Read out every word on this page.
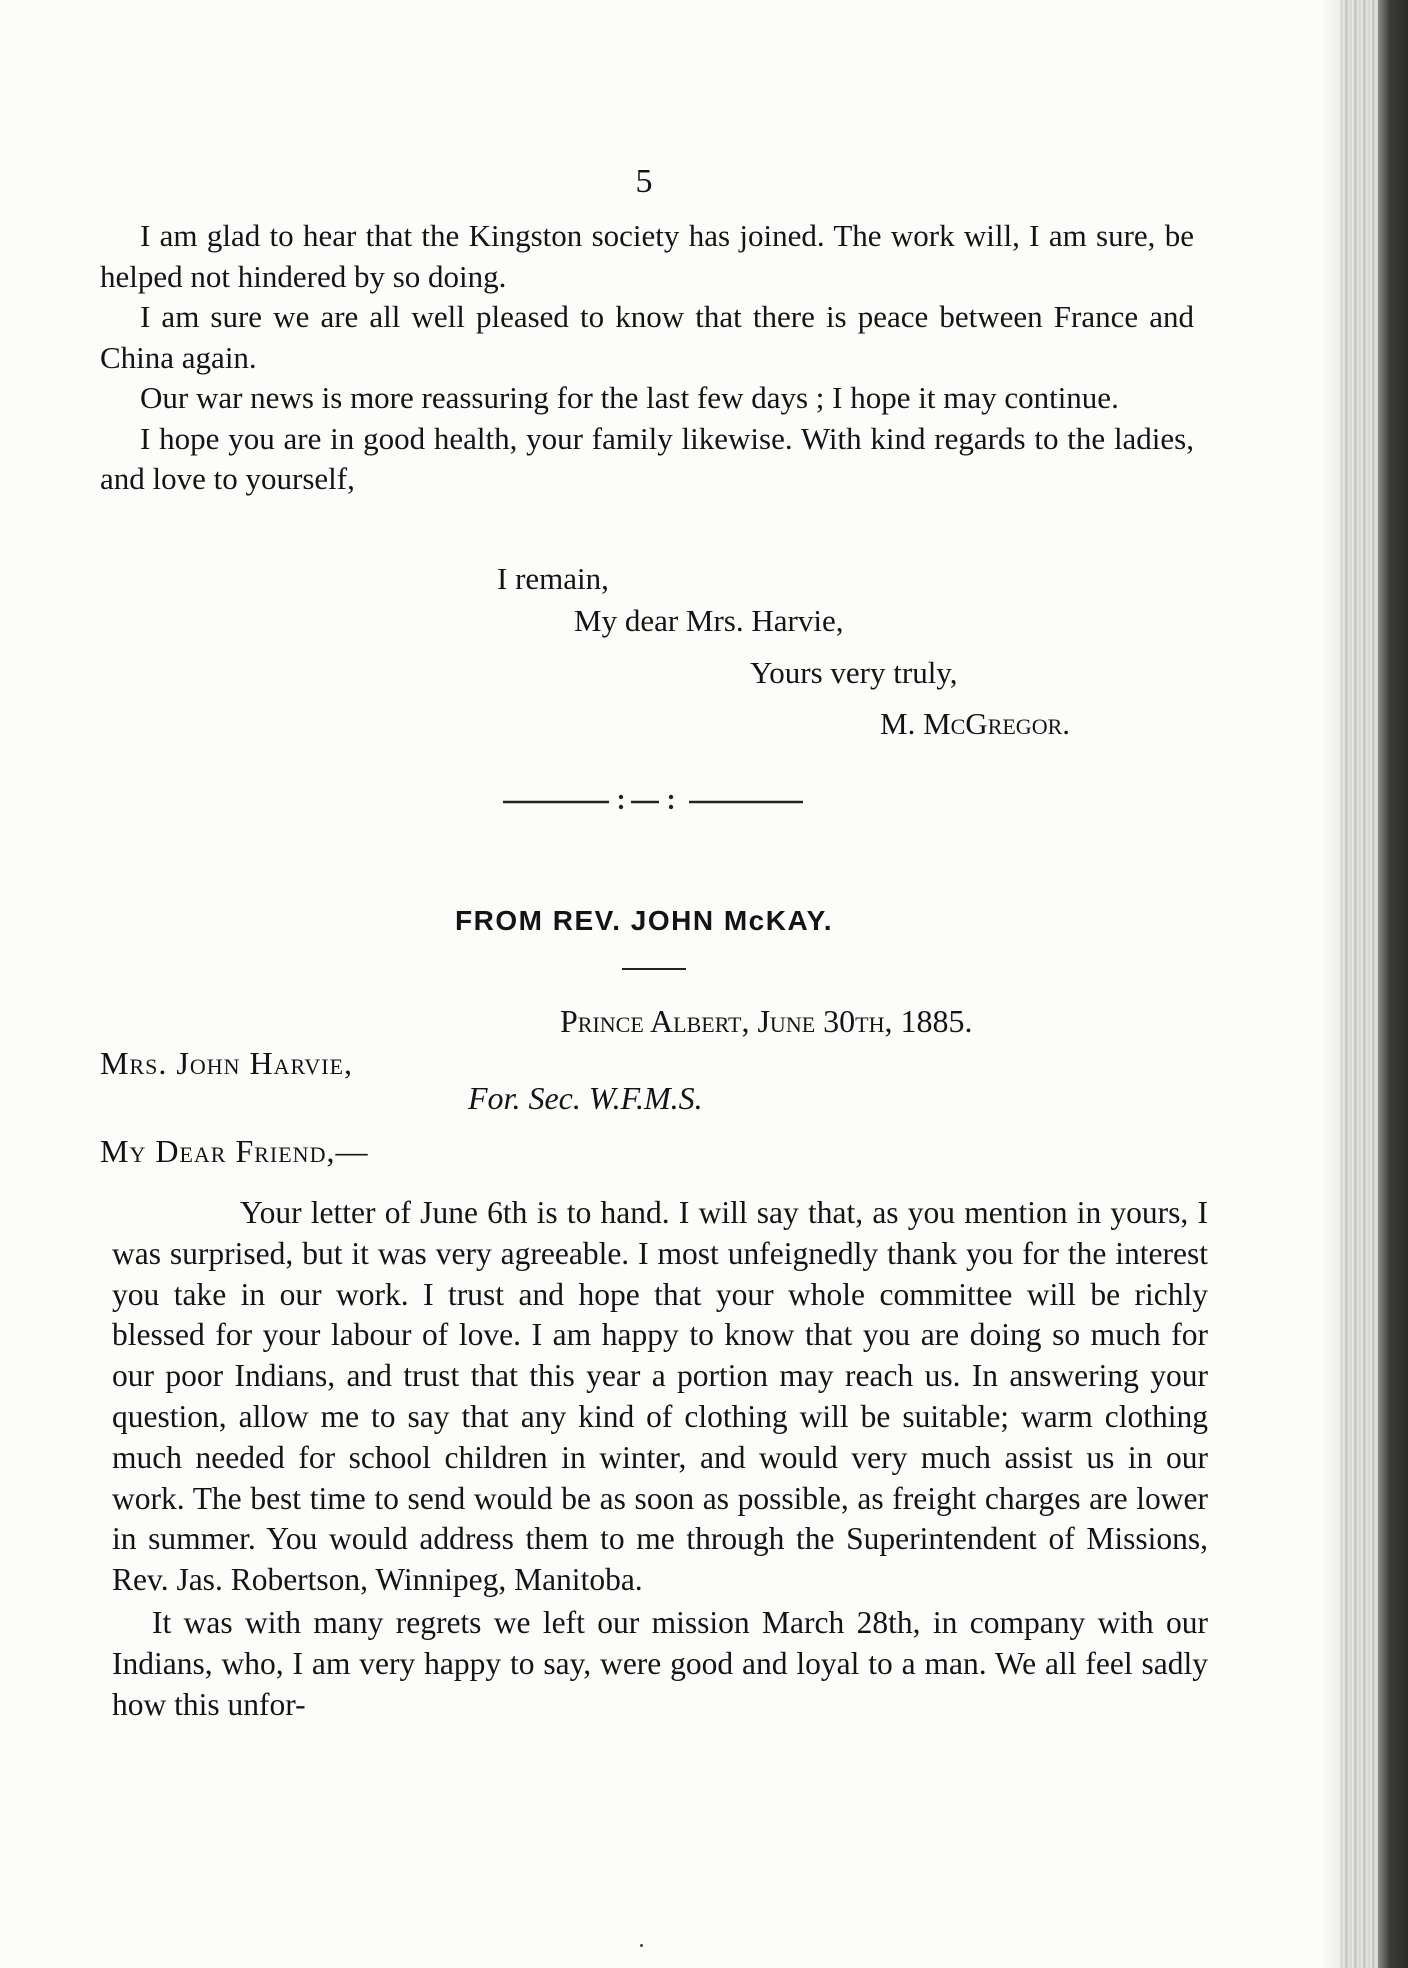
5

I am glad to hear that the Kingston society has joined. The work will, I am sure, be helped not hindered by so doing.

I am sure we are all well pleased to know that there is peace between France and China again.

Our war news is more reassuring for the last few days ; I hope it may continue.

I hope you are in good health, your family likewise. With kind regards to the ladies, and love to yourself,

I remain,
My dear Mrs. Harvie,
Yours very truly,
M. McGregor.
FROM REV. JOHN McKAY.
Prince Albert, June 30th, 1885.
Mrs. John Harvie,
For. Sec. W.F.M.S.
My Dear Friend,—

Your letter of June 6th is to hand. I will say that, as you mention in yours, I was surprised, but it was very agreeable. I most unfeignedly thank you for the interest you take in our work. I trust and hope that your whole committee will be richly blessed for your labour of love. I am happy to know that you are doing so much for our poor Indians, and trust that this year a portion may reach us. In answering your question, allow me to say that any kind of clothing will be suitable; warm clothing much needed for school children in winter, and would very much assist us in our work. The best time to send would be as soon as possible, as freight charges are lower in summer. You would address them to me through the Superintendent of Missions, Rev. Jas. Robertson, Winnipeg, Manitoba.

It was with many regrets we left our mission March 28th, in company with our Indians, who, I am very happy to say, were good and loyal to a man. We all feel sadly how this unfor-
